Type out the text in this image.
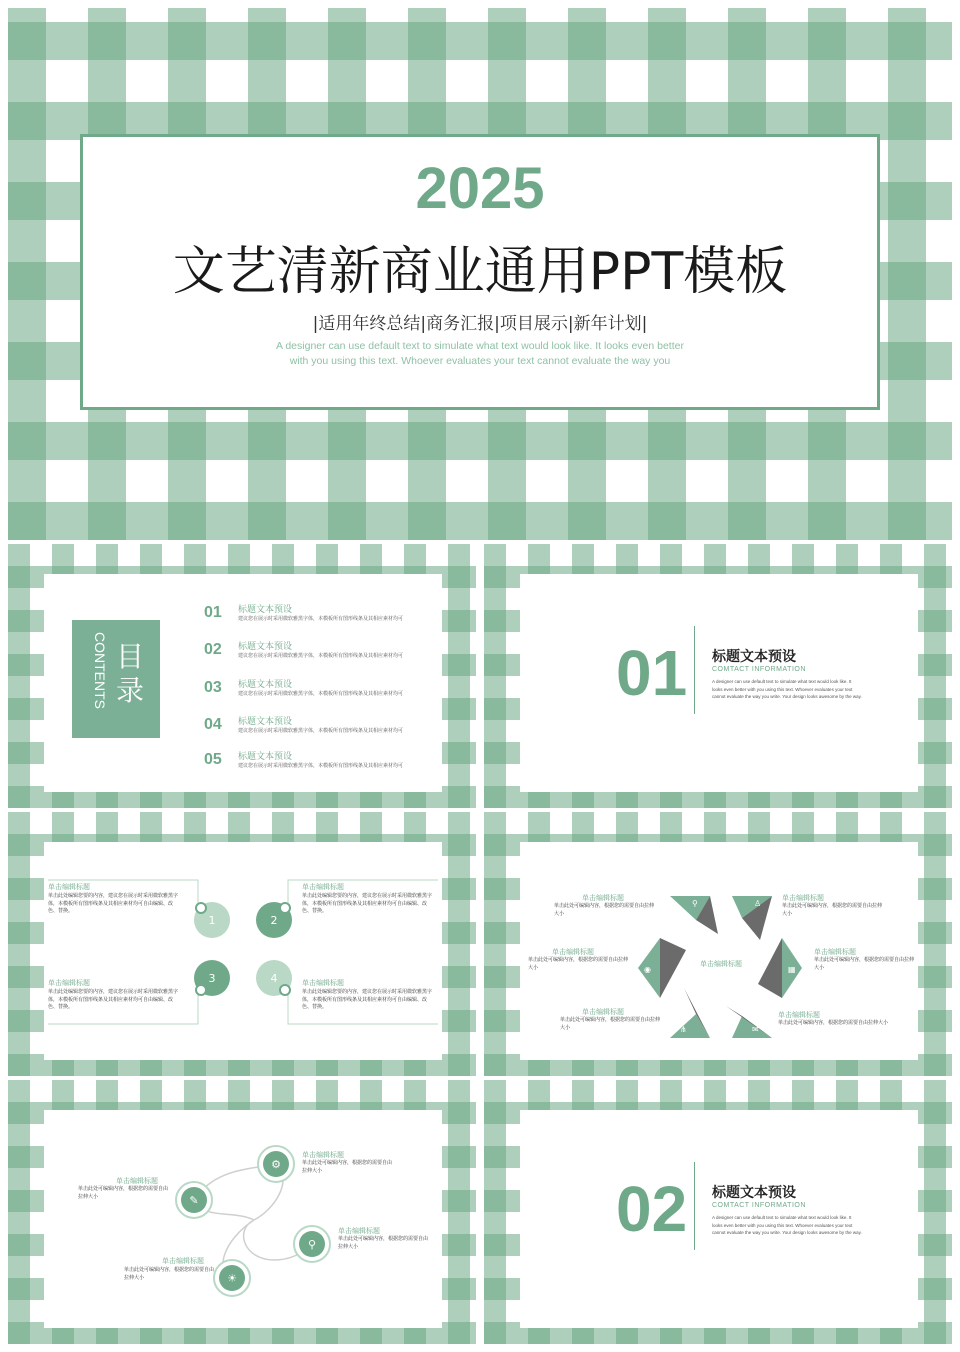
2025
文艺清新商业通用PPT模板
|适用年终总结|商务汇报|项目展示|新年计划|
A designer can use default text to simulate what text would look like. It looks even better
with you using this text. Whoever evaluates your text cannot evaluate the way you
目录
CONTENTS
01 标题文本预设
建议您在展示时采用微软雅黑字体，本模板所有图形线条及其相应素材均可
02 标题文本预设
建议您在展示时采用微软雅黑字体，本模板所有图形线条及其相应素材均可
03 标题文本预设
建议您在展示时采用微软雅黑字体，本模板所有图形线条及其相应素材均可
04 标题文本预设
建议您在展示时采用微软雅黑字体，本模板所有图形线条及其相应素材均可
05 标题文本预设
建议您在展示时采用微软雅黑字体，本模板所有图形线条及其相应素材均可
01 标题文本预设
COMTACT INFORMATION
A designer can use default text to simulate what text would look like. It looks even better with you using this text. Whoever evaluates your text cannot evaluate the way you write. Your design looks awesome by the way.
1	2
3	4
单击编辑标题
单击此处编辑您要的内容，建议您在展示时采用微软雅黑字体，本模板所有图形线条及其相应素材均可自由编辑、改色、替换。
单击编辑标题
单击此处编辑您要的内容，建议您在展示时采用微软雅黑字体，本模板所有图形线条及其相应素材均可自由编辑、改色、替换。
单击编辑标题
单击此处编辑您要的内容，建议您在展示时采用微软雅黑字体，本模板所有图形线条及其相应素材均可自由编辑、改色、替换。
单击编辑标题
单击此处编辑您要的内容，建议您在展示时采用微软雅黑字体，本模板所有图形线条及其相应素材均可自由编辑、改色、替换。
⚲	♙
◉	▦
⋔	✉
单击编辑标题
单击编辑标题
单击此处可编辑内容，根据您的需要自由拉伸大小
单击编辑标题
单击此处可编辑内容，根据您的需要自由拉伸大小
单击编辑标题
单击此处可编辑内容，根据您的需要自由拉伸大小
单击编辑标题
单击此处可编辑内容，根据您的需要自由拉伸大小
单击编辑标题
单击此处可编辑内容，根据您的需要自由拉伸大小
单击编辑标题
单击此处可编辑内容，根据您的需要自由拉伸大小
✎
⚙
⚲
☀
单击编辑标题
单击此处可编辑内容，根据您的需要自由拉伸大小
单击编辑标题
单击此处可编辑内容，根据您的需要自由拉伸大小
单击编辑标题
单击此处可编辑内容，根据您的需要自由拉伸大小
单击编辑标题
单击此处可编辑内容，根据您的需要自由拉伸大小
02 标题文本预设
COMTACT INFORMATION
A designer can use default text to simulate what text would look like. It looks even better with you using this text. Whoever evaluates your text cannot evaluate the way you write. Your design looks awesome by the way.
